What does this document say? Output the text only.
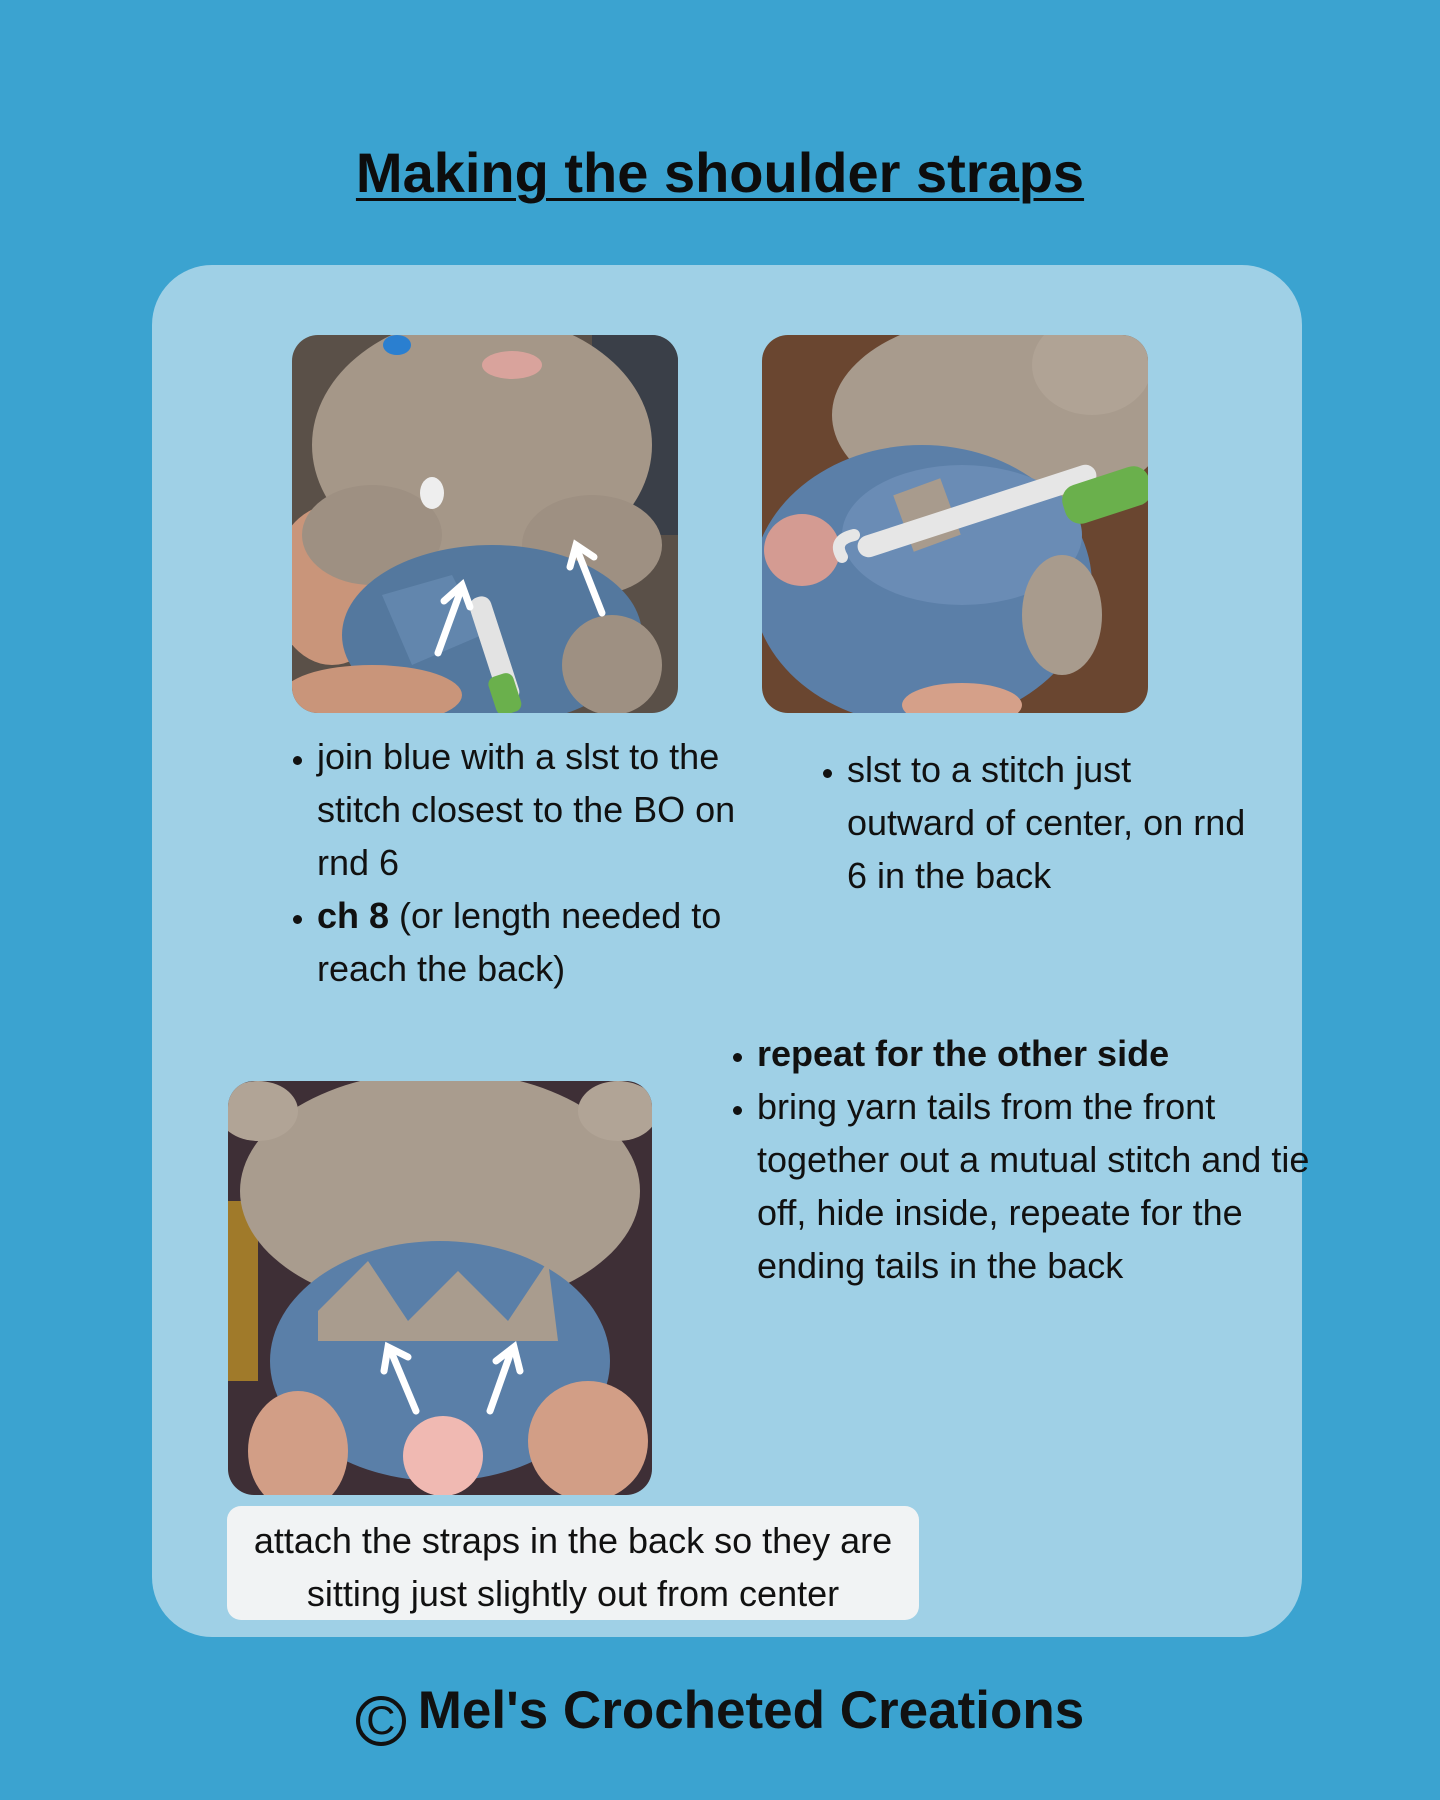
Making the shoulder straps
• join blue with a slst to the stitch closest to the BO on rnd 6
• ch 8 (or length needed to reach the back)
• slst to a stitch just outward of center, on rnd 6 in the back
• repeat for the other side
• bring yarn tails from the front together out a mutual stitch and tie off, hide inside, repeate for the ending tails in the back
attach the straps in the back so they are sitting just slightly out from center
C Mel's Crocheted Creations
